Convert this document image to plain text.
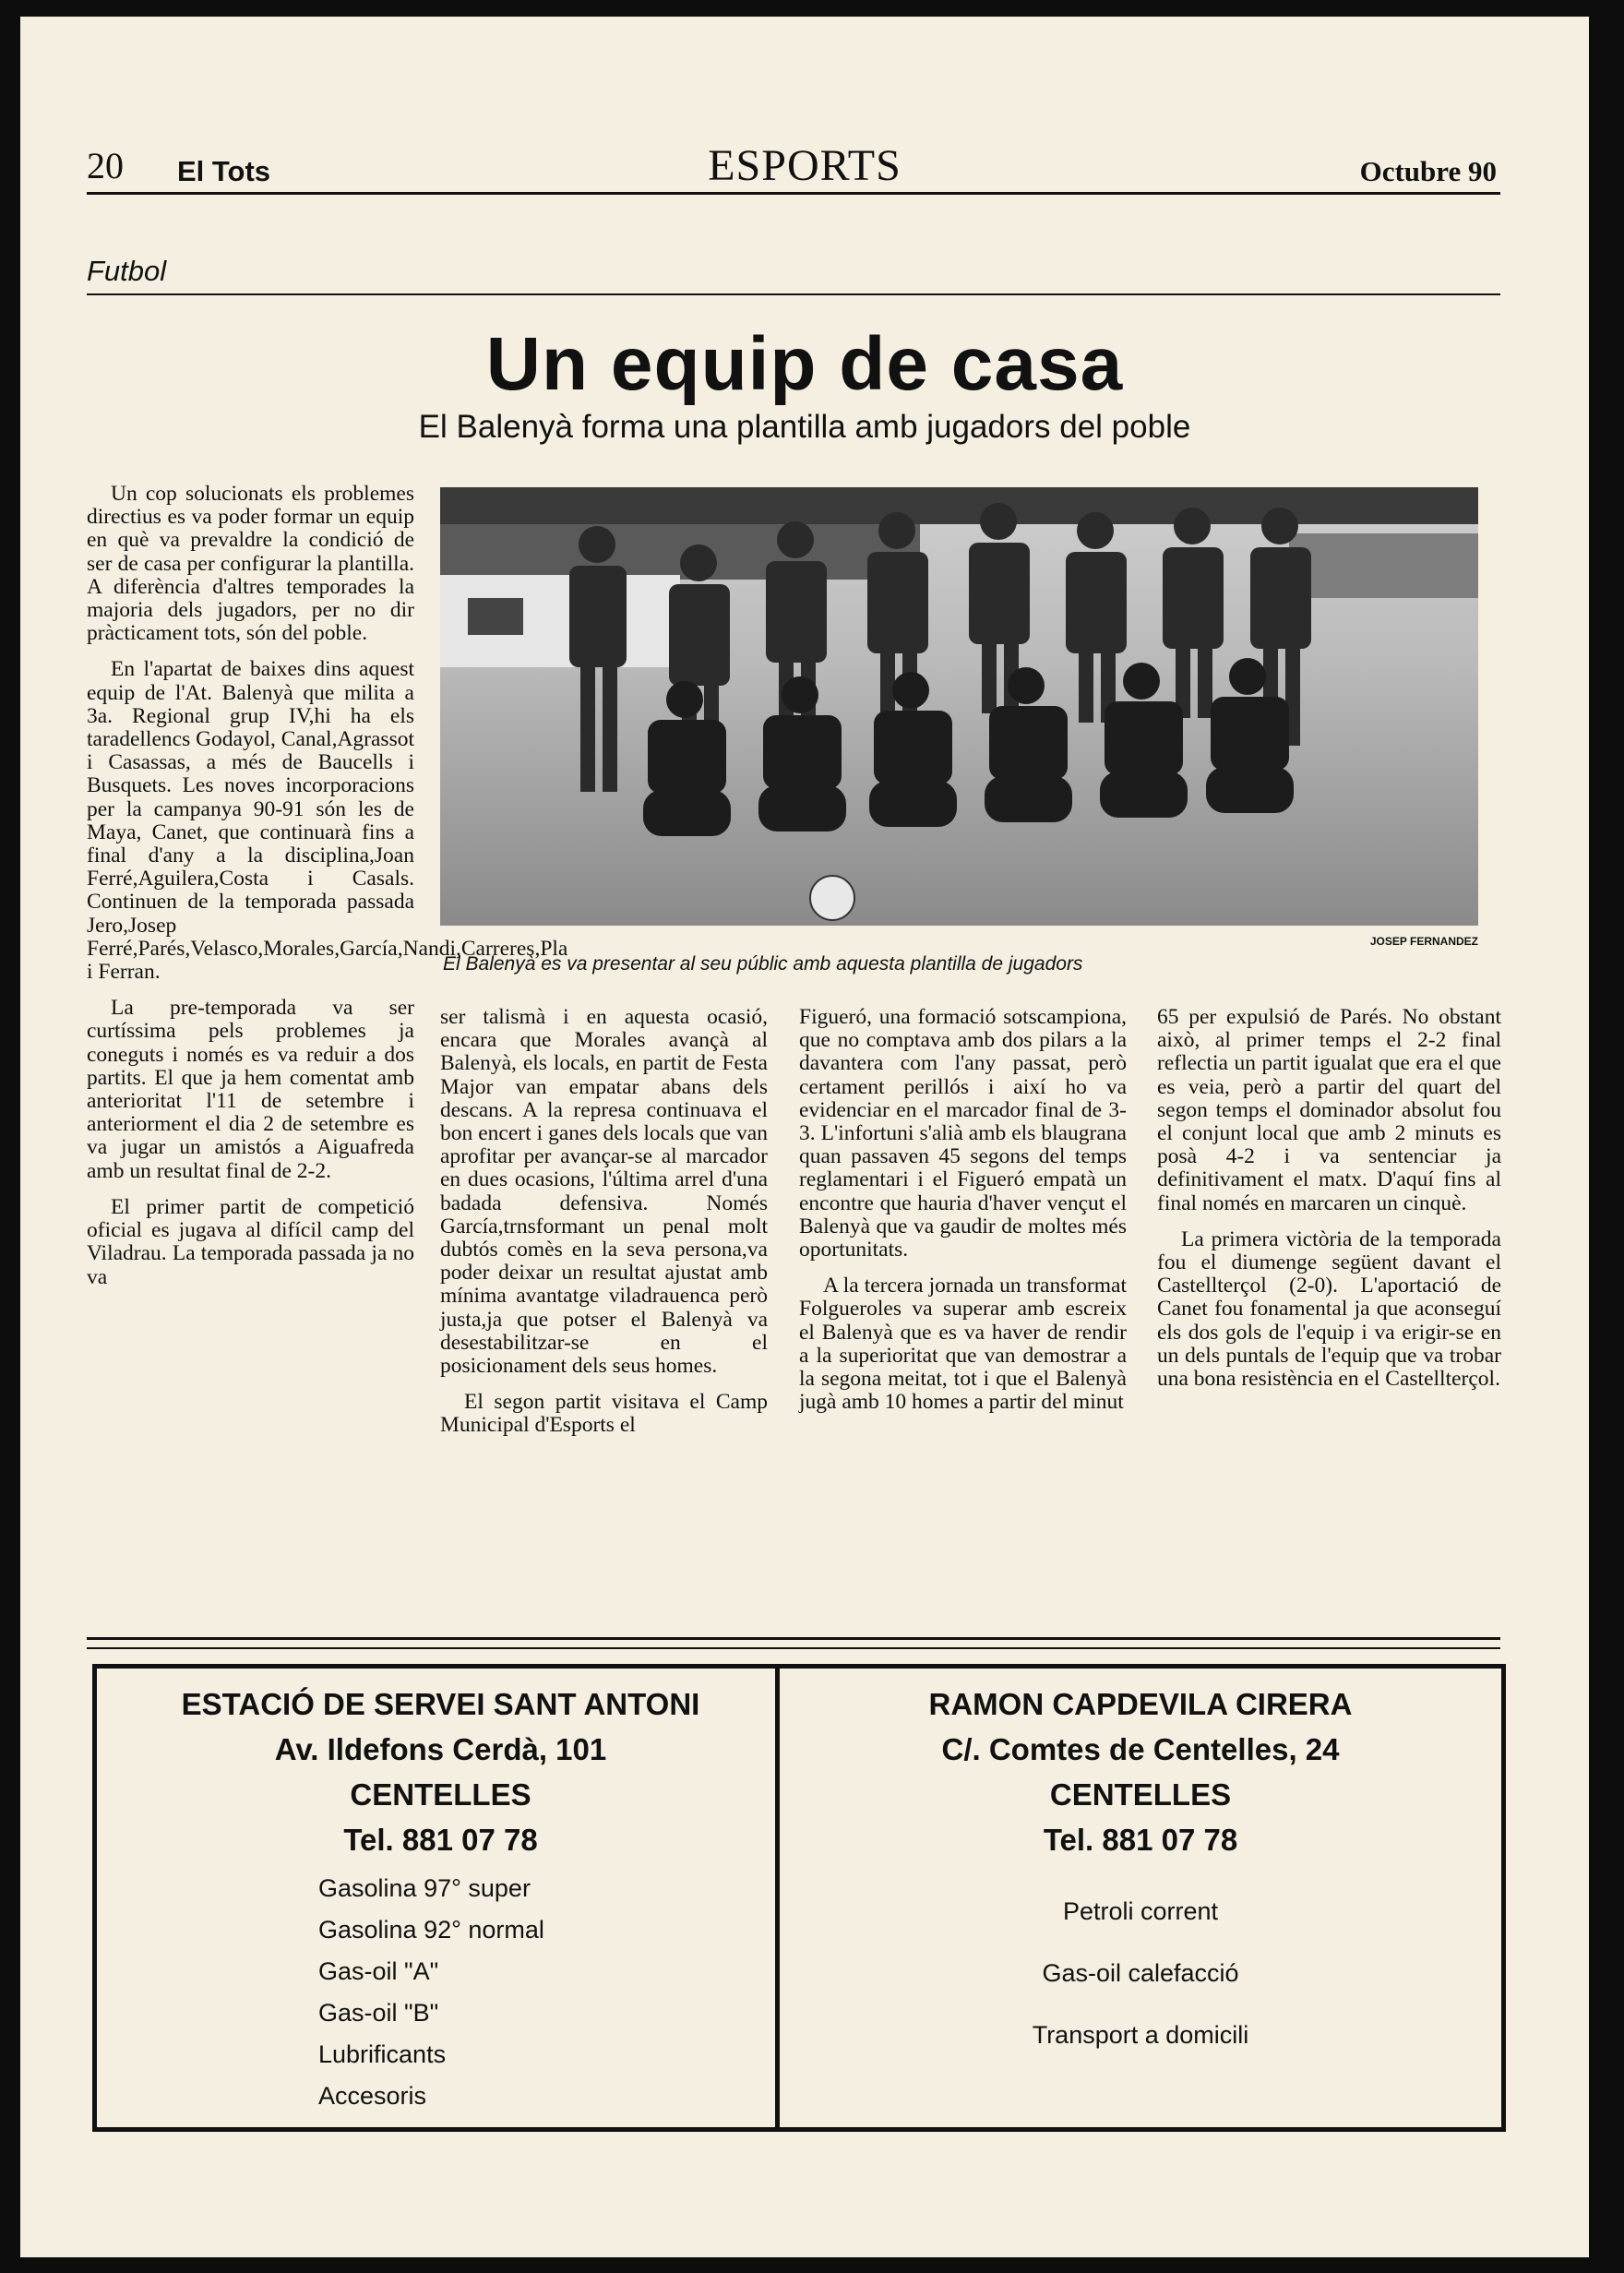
20 El Tots	ESPORTS	Octubre 90
Futbol
Un equip de casa
El Balenyà forma una plantilla amb jugadors del poble

Un cop solucionats els problemes directius es va poder formar un equip en què va prevaldre la condició de ser de casa per configurar la plantilla. A diferència d'altres temporades la majoria dels jugadors, per no dir pràcticament tots, són del poble.

En l'apartat de baixes dins aquest equip de l'At. Balenyà que milita a 3a. Regional grup IV,hi ha els taradellencs Godayol, Canal,Agrassot i Casassas, a més de Baucells i Busquets. Les noves incorporacions per la campanya 90-91 són les de Maya, Canet, que continuarà fins a final d'any a la disciplina,Joan Ferré,Aguilera,Costa i Casals. Continuen de la temporada passada Jero,Josep Ferré,Parés,Velasco,Morales,García,Nandi,Carreres,Pla i Ferran.

La pre-temporada va ser curtíssima pels problemes ja coneguts i només es va reduir a dos partits. El que ja hem comentat amb anterioritat l'11 de setembre i anteriorment el dia 2 de setembre es va jugar un amistós a Aiguafreda amb un resultat final de 2-2.

El primer partit de competició oficial es jugava al difícil camp del Viladrau. La temporada passada ja no va

JOSEP FERNANDEZ
El Balenyà es va presentar al seu públic amb aquesta plantilla de jugadors

ser talismà i en aquesta ocasió, encara que Morales avançà al Balenyà, els locals, en partit de Festa Major van empatar abans dels descans. A la represa continuava el bon encert i ganes dels locals que van aprofitar per avançar-se al marcador en dues ocasions, l'última arrel d'una badada defensiva. Només García,trnsformant un penal molt dubtós comès en la seva persona,va poder deixar un resultat ajustat amb mínima avantatge viladrauenca però justa,ja que potser el Balenyà va desestabilitzar-se en el posicionament dels seus homes.

El segon partit visitava el Camp Municipal d'Esports el

Figueró, una formació sotscampiona, que no comptava amb dos pilars a la davantera com l'any passat, però certament perillós i així ho va evidenciar en el marcador final de 3-3. L'infortuni s'alià amb els blaugrana quan passaven 45 segons del temps reglamentari i el Figueró empatà un encontre que hauria d'haver vençut el Balenyà que va gaudir de moltes més oportunitats.

A la tercera jornada un transformat Folgueroles va superar amb escreix el Balenyà que es va haver de rendir a la superioritat que van demostrar a la segona meitat, tot i que el Balenyà jugà amb 10 homes a partir del minut

65 per expulsió de Parés. No obstant això, al primer temps el 2-2 final reflectia un partit igualat que era el que es veia, però a partir del quart del segon temps el dominador absolut fou el conjunt local que amb 2 minuts es posà 4-2 i va sentenciar ja definitivament el matx. D'aquí fins al final només en marcaren un cinquè.

La primera victòria de la temporada fou el diumenge següent davant el Castellterçol (2-0). L'aportació de Canet fou fonamental ja que aconseguí els dos gols de l'equip i va erigir-se en un dels puntals de l'equip que va trobar una bona resistència en el Castellterçol.

ESTACIÓ DE SERVEI SANT ANTONI
Av. Ildefons Cerdà, 101
CENTELLES
Tel. 881 07 78
Gasolina 97° super
Gasolina 92° normal
Gas-oil "A"
Gas-oil "B"
Lubrificants
Accesoris
RAMON CAPDEVILA CIRERA
C/. Comtes de Centelles, 24
CENTELLES
Tel. 881 07 78
Petroli corrent
Gas-oil calefacció
Transport a domicili
